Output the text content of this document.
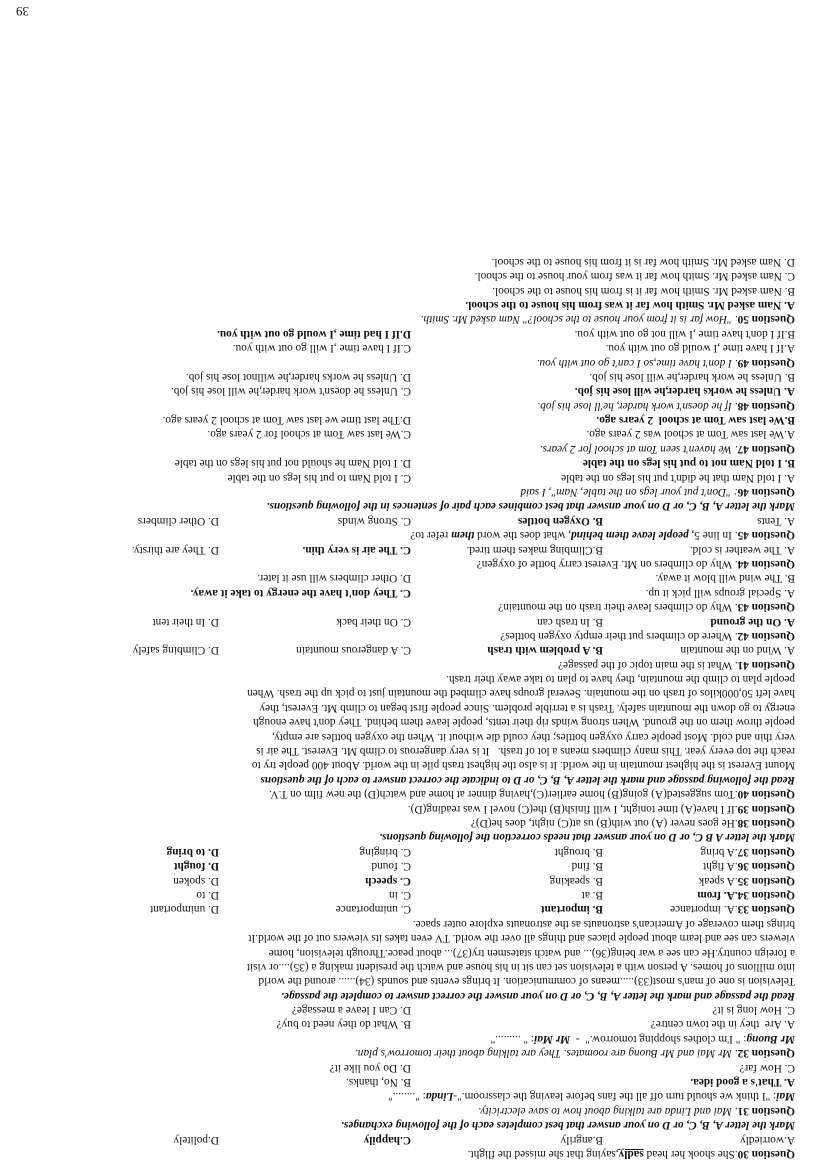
Question 30.She shook her head sadly,saying that she missed the flight.
A.worriedly
B.angrily
C.happily
D.politely
Mark the letter A, B, C, or D on your answer that best completes each of the following exchanges.
Question 31. Mai and Linda are talking about how to save electricity.
Mai: "I think we should turn off all the fans before leaving the classroom."-Linda: "........"
A. That's a good idea.
B. No, thanks.
C. How far?
D. Do you like it?
Question 32. Mr Mai and Mr Buong are roomates. They are talking about their tomorrow's plan.
Mr Buong: " I'm clothes shopping tomorrow."  -  Mr Mai: " ........."
A. Are  they in the town centre?
B. What do they need to buy?
C. How long is it?
D. Can I leave a message?
Read the passage and mark the letter A, B, C, or D on your answer the correct answer to complete the passage.
Television is one of man's most(33).....means of communication. It brings events and sounds (34)...... around the world
into millions of homes. A person with a television set can sit in his house and watch the president making a (35)....or visit
a foreign country.He can see a war being(36)... and watch statesmen try(37)... about peace.Through television, home
viewers can see and learn about people places and things all over the world. TV even takes its viewers out of the world.It
brings them coverage of American's astronauts as the astronauts explore outer space.
Question 33.A. importance
B. important
C. unimportance
D. unimportant
Question 34.A. from
B. at
C. in
D. to
Question 35.A speak
B. speaking
C. speech
D. spoken
Question 36.A fight
B. find
C. found
D. fought
Question 37.A bring
B. brought
C. bringing
D. to bring
Mark the letter A B C, or D on your answer that needs correction the following questions.
Question 38.He goes never (A) out with(B) us at(C) night, does he(D)?
Question 39.If I have(A) time tonight, I will finish(B) the(C) novel I was reading(D).
Question 40.Tom suggested(A) going(B) home earlier(C),having dinner at home and watch(D) the new film on T.V.
Read the following passage and mark the letter A, B, C, or D to indicate the correct answer to each of the questions
Mount Everest is the highest mountain in the world. It is also the highest trash pile in the world. About 400 people try to
reach the top every year. This many climbers means a lot of trash.   It is very dangerous to climb Mt. Everest. The air is
very thin and cold. Most people carry oxygen bottles; they could die without it. When the oxygen bottles are empty,
people throw them on the ground. When strong winds rip their tents, people leave them behind. They don't have enough
energy to go down the mountain safely. Trash is a terrible problem. Since people first began to climb Mt. Everest, they
have left 50,000kilos of trash on the mountain. Several groups have climbed the mountain just to pick up the trash. When
people plan to climb the mountain, they have to plan to take away their trash.
Question 41. What is the main topic of the passage?
A. Wind on the mountain
B. A problem with trash
C. A dangerous mountain
D. Climbing safely
Question 42. Where do climbers put their empty oxygen bottles?
A. On the ground
B. In trash can
C. On their back
D. In their tent
Question 43. Why do climbers leave their trash on the mountain?
A. Special groups will pick it up.
C. They don't have the energy to take it away.
B. The wind will blow it away.
D. Other climbers will use it later.
Question 44. Why do climbers on Mt. Everest carry bottle of oxygen?
A. The weather is cold.
B.Climbing makes them tired.
C. The air is very thin.
D. They are thirsty.
Question 45. In line 5, people leave them behind, what does the word them refer to?
A. Tents
B. Oxygen bottles
C. Strong winds
D. Other climbers
Mark the letter A, B, C, or D on your answer that best combines each pair of sentences in the following questions.
Question 46: "Don't put your legs on the table, Nam", I said
A. I told Nam that he didn't put his legs on the table
C. I told Nam to put his legs on the table
B. I told Nam not to put his legs on the table
D. I told Nam he should not put his legs on the table
Question 47. We haven't seen Tom at school for 2 years.
A.We last saw Tom at school was 2 years ago.
C.We last saw Tom at school for 2 years ago.
B.We last saw Tom at school  2 years ago.
D.The last time we last saw Tom at school 2 years ago.
Question 48. If he doesn't work harder, he'll lose his job.
A. Unless he works harder,he will lose his job.
C. Unless he doesn't work harder,he will lose his job.
B. Unless he work harder,he will lose his job.
D. Unless he works harder,he willnot lose his job.
Question 49. I don't have time,so I can't go out with you.
A.If I have time ,I would go out with you.
C.If I have time ,I will go out with you.
B.If I don't have time ,I will not go out with you.
D.If I had time ,I would go out with you.
Question 50. "How far is it from your house to the school?" Nam asked Mr. Smith.
A. Nam asked Mr. Smith how far it was from his house to the school.
B. Nam asked Mr. Smith how far it is from his house to the school.
C. Nam asked Mr. Smith how far it was from your house to the school.
D. Nam asked Mr. Smith how far is it from his house to the school.
39
